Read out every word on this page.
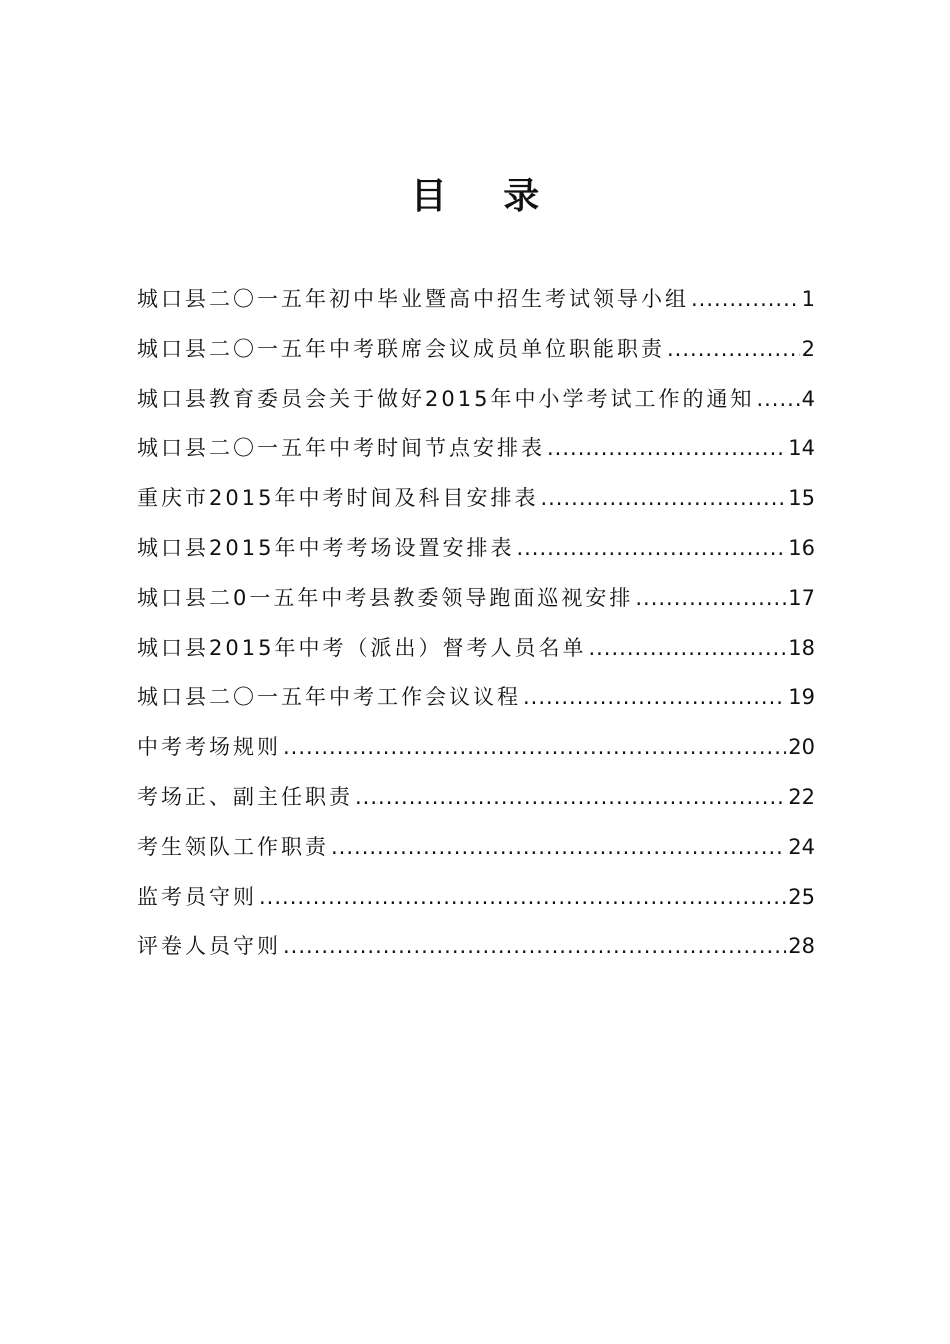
目 录
城口县二〇一五年初中毕业暨高中招生考试领导小组 .....	1
城口县二〇一五年中考联席会议成员单位职能职责 .....	2
城口县教育委员会关于做好2015年中小学考试工作的通知 ..... 4
城口县二〇一五年中考时间节点安排表 .....	14
重庆市2015年中考时间及科目安排表 .....	15
城口县2015年中考考场设置安排表 .....	16
城口县二0一五年中考县教委领导跑面巡视安排 .....	17
城口县2015年中考（派出）督考人员名单 .....	18
城口县二〇一五年中考工作会议议程 .....	19
中考考场规则 .....	20
考场正、副主任职责 .....	22
考生领队工作职责 .....	24
监考员守则 .....	25
评卷人员守则 .....	28
